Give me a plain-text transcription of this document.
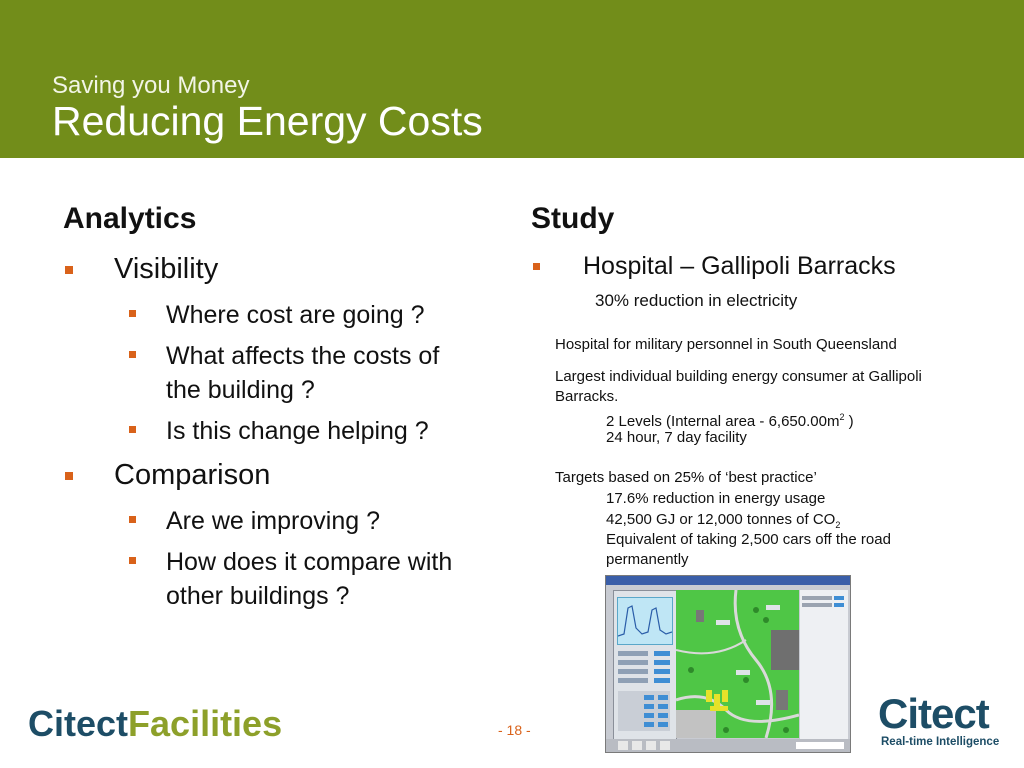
Saving you Money
Reducing Energy Costs
Analytics
Visibility
Where cost are going ?
What affects the costs of
the building ?
Is this change helping ?
Comparison
Are we improving ?
How does it compare with
other buildings ?
Study
Hospital – Gallipoli Barracks
30% reduction in electricity
Hospital for military personnel in South Queensland
Largest individual building energy consumer at Gallipoli
Barracks.
2 Levels (Internal area - $6,650.00m^2$ )
24 hour, 7 day facility
Targets based on 25% of ‘best practice’
17.6% reduction in energy usage
42,500 GJ or 12,000 tonnes of $CO_2$
Equivalent of taking 2,500 cars off the road
permanently
CitectFacilities	- 18 -	Citect
Real-time Intelligence
